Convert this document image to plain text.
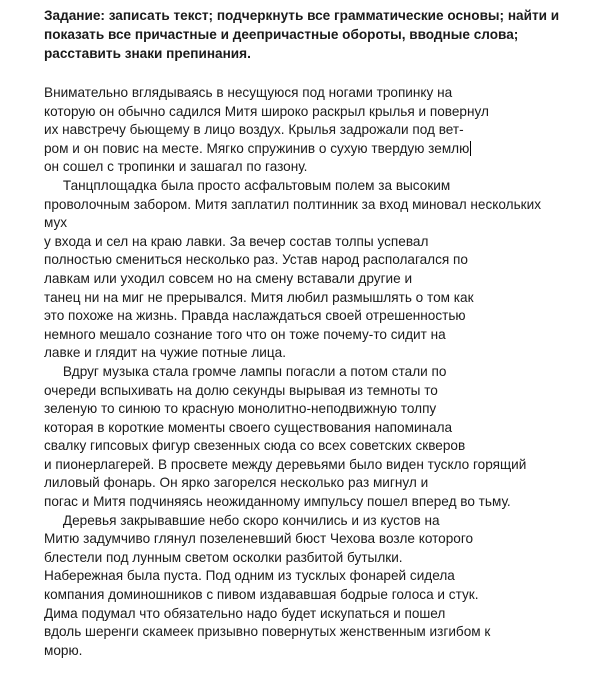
Задание: записать текст; подчеркнуть все грамматические основы; найти и
показать все причастные и деепричастные обороты, вводные слова;
расставить знаки препинания.
Внимательно вглядываясь в несущуюся под ногами тропинку на
которую он обычно садился Митя широко раскрыл крылья и повернул
их навстречу бьющему в лицо воздух. Крылья задрожали под вет-
ром и он повис на месте. Мягко спружинив о сухую твердую землю
он сошел с тропинки и зашагал по газону.
Танцплощадка была просто асфальтовым полем за высоким
проволочным забором. Митя заплатил полтинник за вход миновал нескольких
мух
у входа и сел на краю лавки. За вечер состав толпы успевал
полностью смениться несколько раз. Устав народ располагался по
лавкам или уходил совсем но на смену вставали другие и
танец ни на миг не прерывался. Митя любил размышлять о том как
это похоже на жизнь. Правда наслаждаться своей отрешенностью
немного мешало сознание того что он тоже почему-то сидит на
лавке и глядит на чужие потные лица.
Вдруг музыка стала громче лампы погасли а потом стали по
очереди вспыхивать на долю секунды вырывая из темноты то
зеленую то синюю то красную монолитно-неподвижную толпу
которая в короткие моменты своего существования напоминала
свалку гипсовых фигур свезенных сюда со всех советских скверов
и пионерлагерей. В просвете между деревьями было виден тускло горящий
лиловый фонарь. Он ярко загорелся несколько раз мигнул и
погас и Митя подчиняясь неожиданному импульсу пошел вперед во тьму.
Деревья закрывавшие небо скоро кончились и из кустов на
Митю задумчиво глянул позеленевший бюст Чехова возле которого
блестели под лунным светом осколки разбитой бутылки.
Набережная была пуста. Под одним из тусклых фонарей сидела
компания доминошников с пивом издававшая бодрые голоса и стук.
Дима подумал что обязательно надо будет искупаться и пошел
вдоль шеренги скамеек призывно повернутых женственным изгибом к
морю.
